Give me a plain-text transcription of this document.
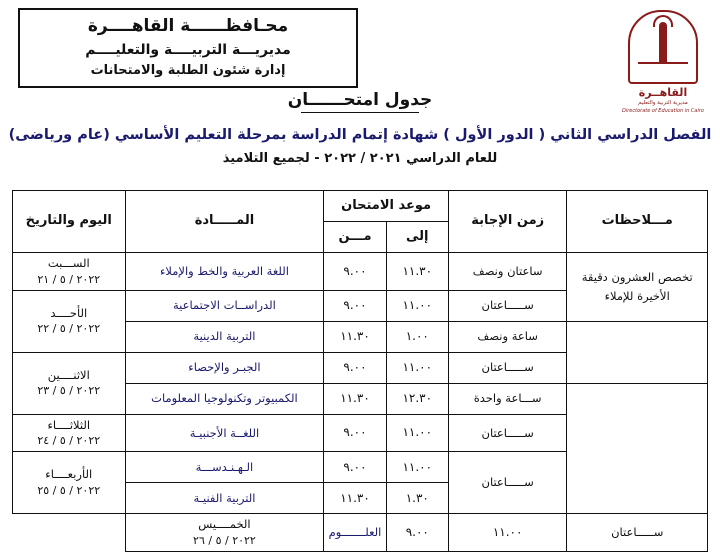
القاهــرة
مديرية التربية والتعليم
Directorate of Education in Cairo
محـافظــــــة القاهــــرة
مديريـــة التربيــــة والتعليــــم
إدارة شئون الطلبة والامتحانات
جدول امتحــــــان
الفصل الدراسي الثاني ( الدور الأول ) شهادة إتمام الدراسة بمرحلة التعليم الأساسي (عام ورياضى)
للعام الدراسي ٢٠٢١ / ٢٠٢٢ - لجميع التلاميذ
مـــلاحظات	زمن الإجابة	موعد الامتحان		المـــــادة	اليوم والتاريخ
		إلى	مـــن		
تخصص العشرون دقيقة الأخيرة للإملاء	ساعتان ونصف	١١.٣٠	٩.٠٠	اللغة العربية والخط والإملاء	الســـبت
٢٠٢٢ / ٥ / ٢١

	ســـــاعتان	١١.٠٠	٩.٠٠	الدراســات الاجتماعية	الأحــــد
٢٠٢٢ / ٥ / ٢٢

	ساعة ونصف	١.٠٠	١١.٣٠	التربية الدينية	
	ســـــاعتان	١١.٠٠	٩.٠٠	الجبـر والإحصاء	الاثنــــين
٢٠٢٢ / ٥ / ٢٣

	ســـاعة واحدة	١٢.٣٠	١١.٣٠	الكمبيوتر وتكنولوجيا المعلومات	
	ســـــاعتان	١١.٠٠	٩.٠٠	اللغــة الأجنبيـة	الثلاثــــاء
٢٠٢٢ / ٥ / ٢٤

	ســـــاعتان	١١.٠٠	٩.٠٠	الـهـنـدســـة	الأربعــــاء
٢٠٢٢ / ٥ / ٢٥

		١.٣٠	١١.٣٠	التربية الفنيـة	
ســـــاعتان	١١.٠٠	٩.٠٠	العلـــــــوم	الخمــــيس
٢٠٢٢ / ٥ / ٢٦	
